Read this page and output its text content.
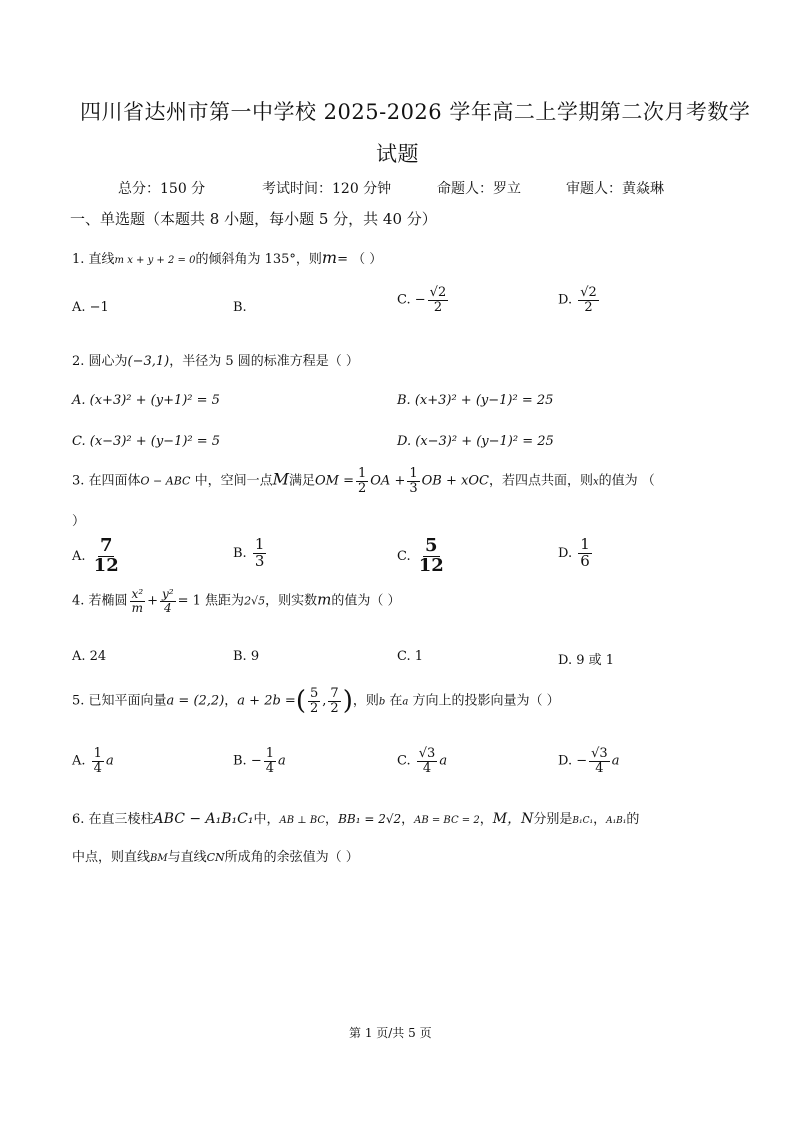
四川省达州市第一中学校 2025-2026 学年高二上学期第二次月考数学
试题
总分：150 分	考试时间：120 分钟	命题人：罗立	审题人：黄焱琳
一、单选题（本题共 8 小题，每小题 5 分，共 40 分）
1. 直线m x + y + 2 = 0的倾斜角为 135°，则m= （ ）
A. −1	B.	C. − $\frac{√2}{2}$	D. $\frac{√2}{2}$
2. 圆心为(−3,1)，半径为 5 圆的标准方程是（ ）
A. (x+3)² + (y+1)² = 5	B. (x+3)² + (y−1)² = 25
C. (x−3)² + (y−1)² = 5	D. (x−3)² + (y−1)² = 25
3. 在四面体O − ABC 中，空间一点M满足OM = $\frac{1}{2}$ OA + $\frac{1}{3}$ OB + xOC，若四点共面，则x的值为 （
）
A. $\frac{7}{12}$	B. $\frac{1}{3}$	C. $\frac{5}{12}$	D. $\frac{1}{6}$
4. 若椭圆 $\frac{\text{x²}}{m} + \frac{\text{y²}}{4} = 1$ 焦距为2√5，则实数m的值为（ ）
A. 24	B. 9	C. 1	D. 9 或 1
5. 已知平面向量a = (2,2)，a + 2b =( $\frac{5}{2}$ , $\frac{7}{2}$ )，则b 在a 方向上的投影向量为（ ）
A. $\frac{1}{4}$ a	B. − $\frac{1}{4}$ a	C. $\frac{√3}{4}$ a	D. − $\frac{√3}{4}$ a
6. 在直三棱柱ABC − A₁B₁C₁中，AB ⊥ BC，BB₁ = 2√2，AB = BC = 2，M，N分别是B₁C₁，A₁B₁的
中点，则直线BM与直线CN所成角的余弦值为（ ）
第 1 页/共 5 页
